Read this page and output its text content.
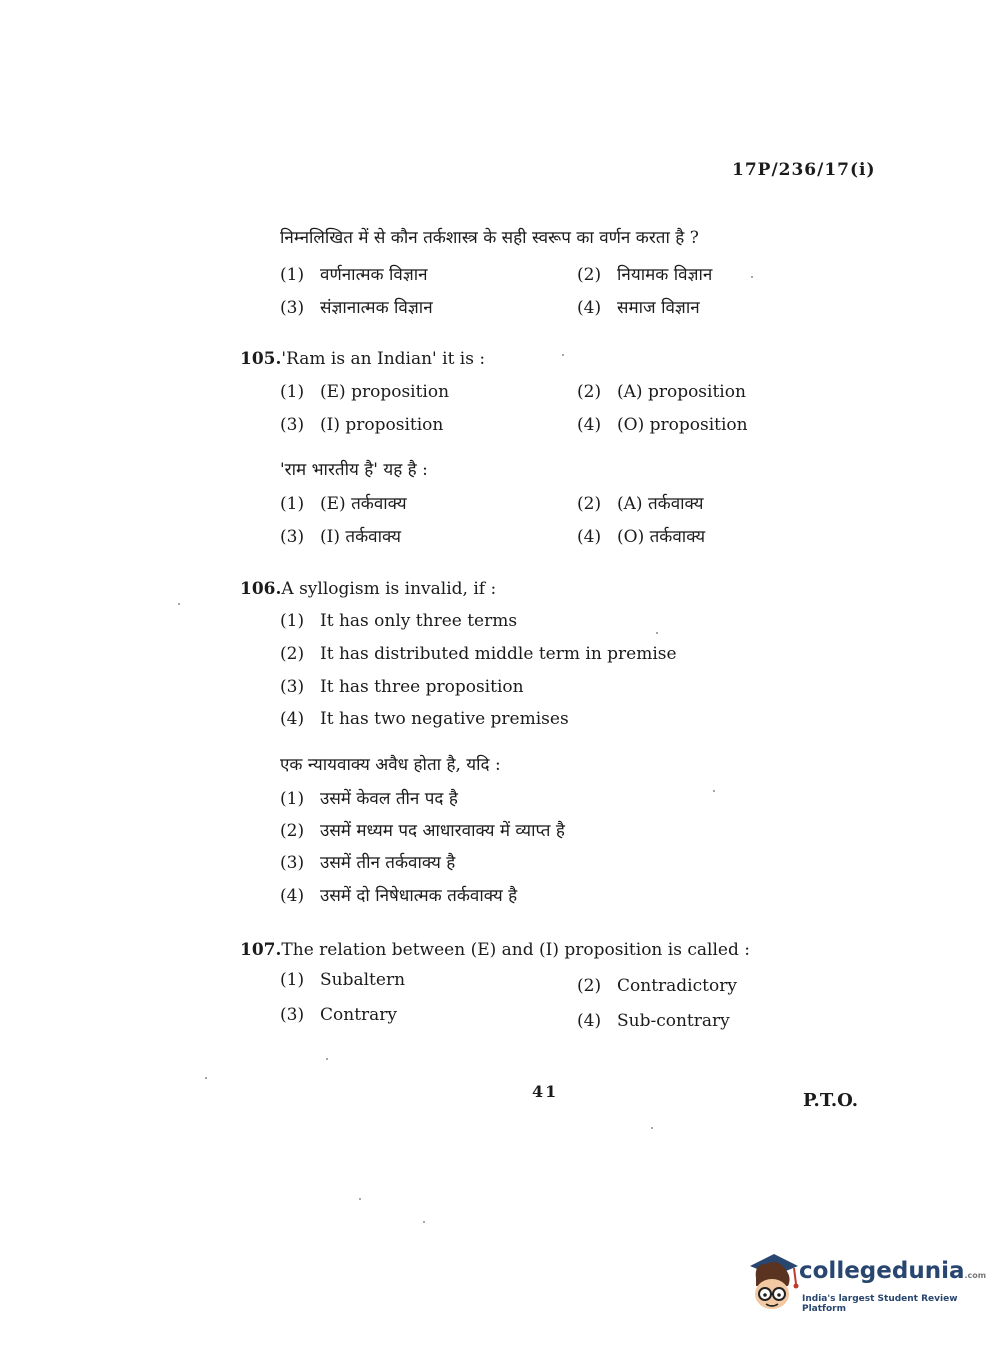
17P/236/17(i)
निम्नलिखित में से कौन तर्कशास्त्र के सही स्वरूप का वर्णन करता है ?
(1) वर्णनात्मक विज्ञान	(2) नियामक विज्ञान
(3) संज्ञानात्मक विज्ञान	(4) समाज विज्ञान
105.'Ram is an Indian' it is :
(1) (E) proposition	(2) (A) proposition
(3) (I) proposition	(4) (O) proposition
'राम भारतीय है' यह है :
(1) (E) तर्कवाक्य	(2) (A) तर्कवाक्य
(3) (I) तर्कवाक्य	(4) (O) तर्कवाक्य
106.A syllogism is invalid, if :
(1) It has only three terms
(2) It has distributed middle term in premise
(3) It has three proposition
(4) It has two negative premises
एक न्यायवाक्य अवैध होता है, यदि :
(1) उसमें केवल तीन पद है
(2) उसमें मध्यम पद आधारवाक्य में व्याप्त है
(3) उसमें तीन तर्कवाक्य है
(4) उसमें दो निषेधात्मक तर्कवाक्य है
107.The relation between (E) and (I) proposition is called :
(1) Subaltern	(2) Contradictory
(3) Contrary	(4) Sub-contrary
41	P.T.O.
collegedunia.com
India's largest Student Review Platform
